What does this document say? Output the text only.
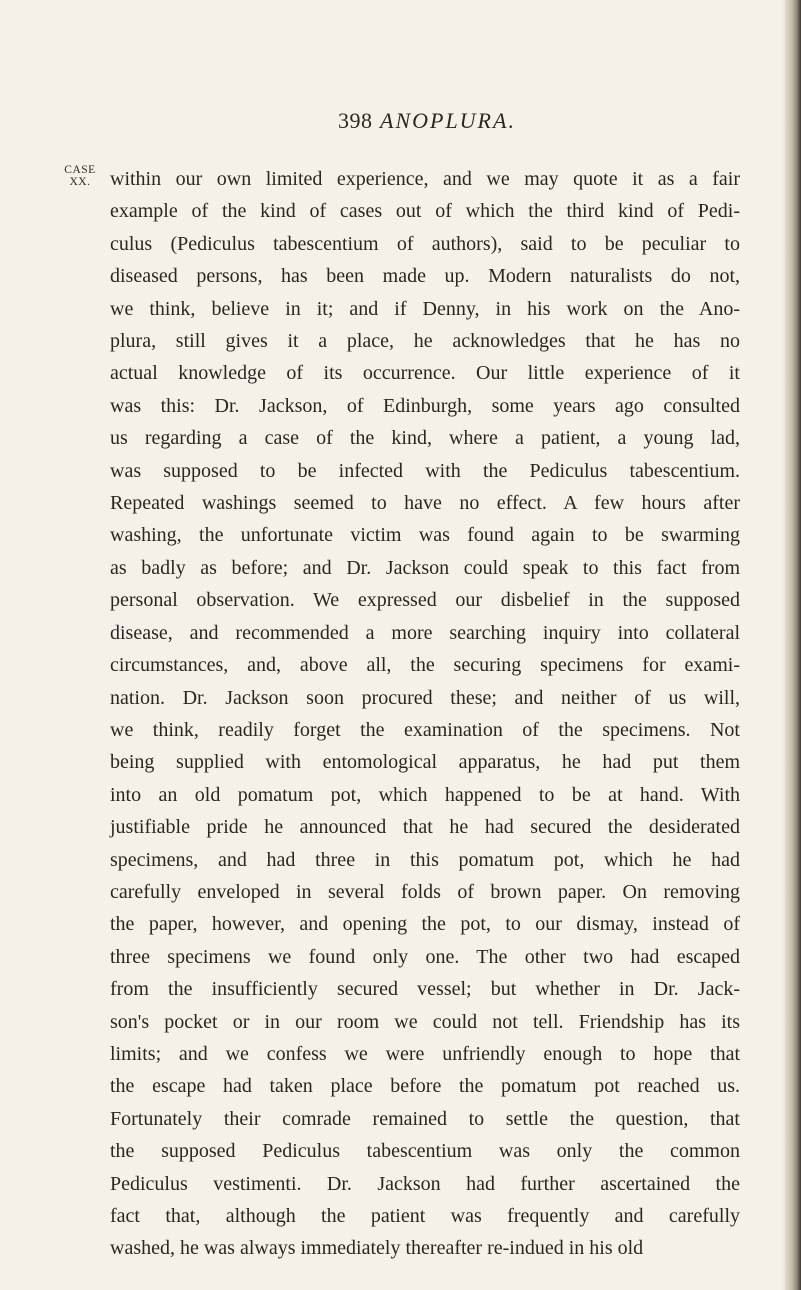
398 ANOPLURA.
CASE
XX. within our own limited experience, and we may quote it as a fair
example of the kind of cases out of which the third kind of Pedi-
culus (Pediculus tabescentium of authors), said to be peculiar to
diseased persons, has been made up. Modern naturalists do not,
we think, believe in it; and if Denny, in his work on the Ano-
plura, still gives it a place, he acknowledges that he has no
actual knowledge of its occurrence. Our little experience of it
was this: Dr. Jackson, of Edinburgh, some years ago consulted
us regarding a case of the kind, where a patient, a young lad,
was supposed to be infected with the Pediculus tabescentium.
Repeated washings seemed to have no effect. A few hours after
washing, the unfortunate victim was found again to be swarming
as badly as before; and Dr. Jackson could speak to this fact from
personal observation. We expressed our disbelief in the supposed
disease, and recommended a more searching inquiry into collateral
circumstances, and, above all, the securing specimens for exami-
nation. Dr. Jackson soon procured these; and neither of us will,
we think, readily forget the examination of the specimens. Not
being supplied with entomological apparatus, he had put them
into an old pomatum pot, which happened to be at hand. With
justifiable pride he announced that he had secured the desiderated
specimens, and had three in this pomatum pot, which he had
carefully enveloped in several folds of brown paper. On removing
the paper, however, and opening the pot, to our dismay, instead of
three specimens we found only one. The other two had escaped
from the insufficiently secured vessel; but whether in Dr. Jack-
son's pocket or in our room we could not tell. Friendship has its
limits; and we confess we were unfriendly enough to hope that
the escape had taken place before the pomatum pot reached us.
Fortunately their comrade remained to settle the question, that
the supposed Pediculus tabescentium was only the common
Pediculus vestimenti. Dr. Jackson had further ascertained the
fact that, although the patient was frequently and carefully
washed, he was always immediately thereafter re-indued in his old
